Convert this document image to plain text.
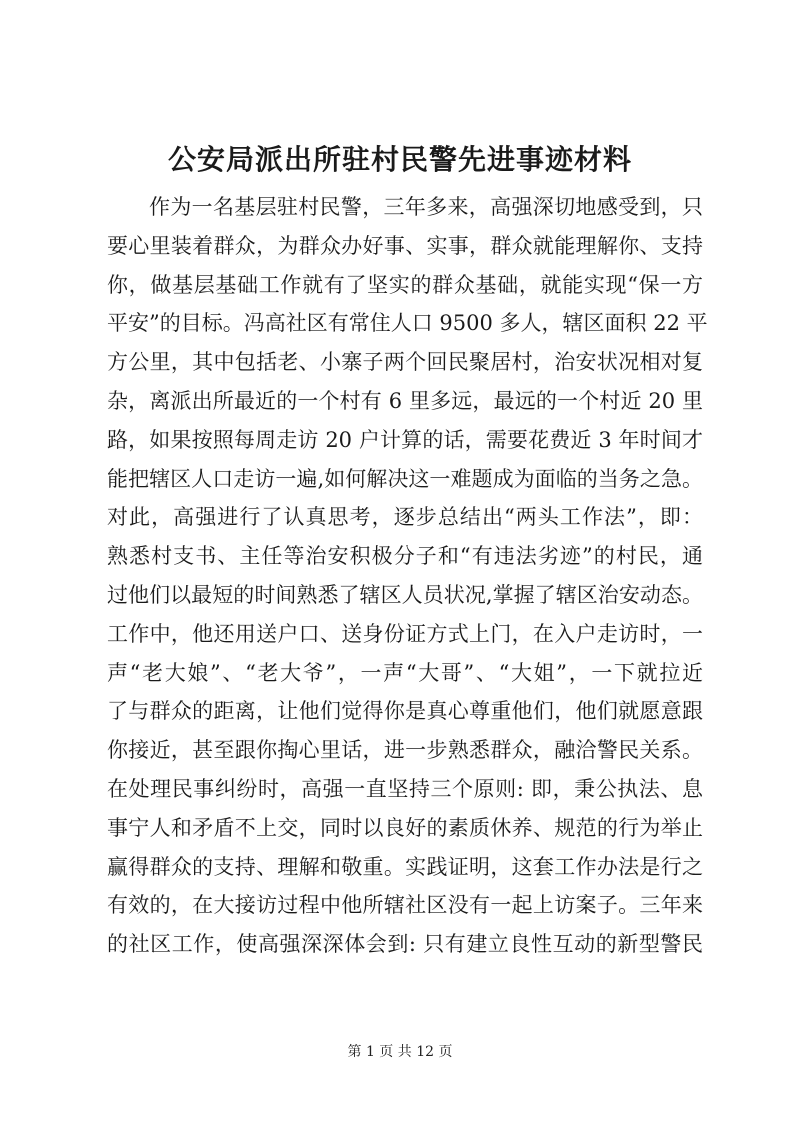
公安局派出所驻村民警先进事迹材料
作为一名基层驻村民警，三年多来，高强深切地感受到，只
要心里装着群众，为群众办好事、实事，群众就能理解你、支持
你，做基层基础工作就有了坚实的群众基础，就能实现“保一方
平安”的目标。冯高社区有常住人口 9500 多人，辖区面积 22 平
方公里，其中包括老、小寨子两个回民聚居村，治安状况相对复
杂，离派出所最近的一个村有 6 里多远，最远的一个村近 20 里
路，如果按照每周走访 20 户计算的话，需要花费近 3 年时间才
能把辖区人口走访一遍,如何解决这一难题成为面临的当务之急。
对此，高强进行了认真思考，逐步总结出“两头工作法”，即：
熟悉村支书、主任等治安积极分子和“有违法劣迹”的村民，通
过他们以最短的时间熟悉了辖区人员状况,掌握了辖区治安动态。
工作中，他还用送户口、送身份证方式上门，在入户走访时，一
声“老大娘”、“老大爷”，一声“大哥”、“大姐”，一下就拉近
了与群众的距离，让他们觉得你是真心尊重他们，他们就愿意跟
你接近，甚至跟你掏心里话，进一步熟悉群众，融洽警民关系。
在处理民事纠纷时，高强一直坚持三个原则: 即，秉公执法、息
事宁人和矛盾不上交，同时以良好的素质休养、规范的行为举止
赢得群众的支持、理解和敬重。实践证明，这套工作办法是行之
有效的，在大接访过程中他所辖社区没有一起上访案子。三年来
的社区工作，使高强深深体会到: 只有建立良性互动的新型警民
第 1 页 共 12 页
